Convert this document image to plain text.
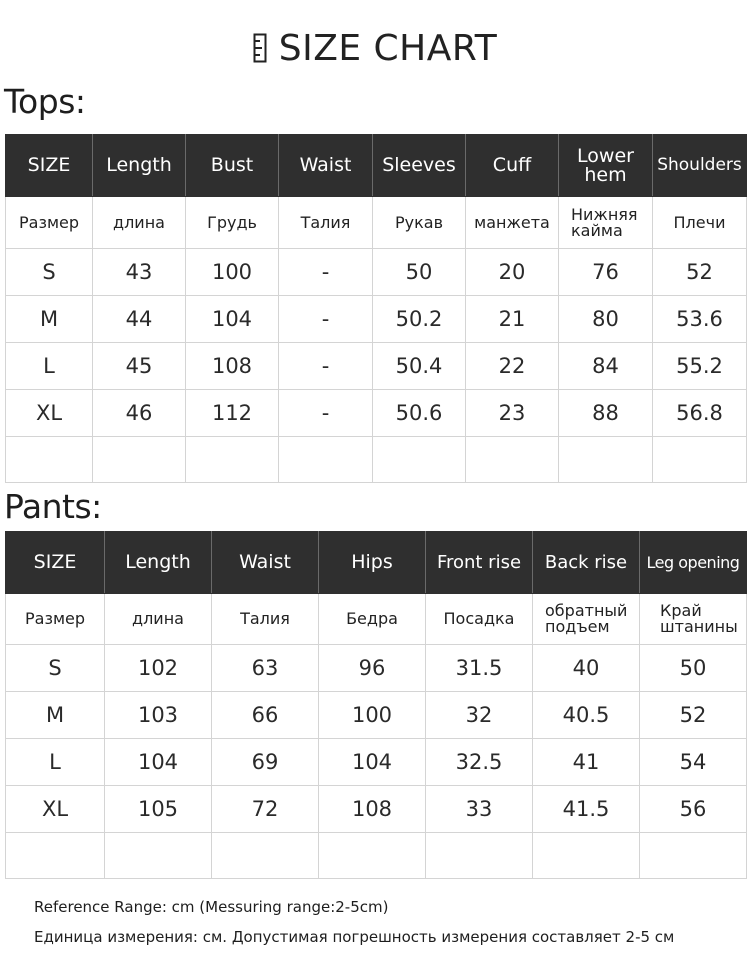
SIZE CHART
Tops:
SIZE	Length	Bust	Waist	Sleeves	Cuff	Lower hem	Shoulders
Размер	длина	Грудь	Талия	Рукав	манжета	Нижняя кайма	Плечи
S	43	100	-	50	20	76	52
M	44	104	-	50.2	21	80	53.6
L	45	108	-	50.4	22	84	55.2
XL	46	112	-	50.6	23	88	56.8

Pants:
SIZE	Length	Waist	Hips	Front rise	Back rise	Leg opening
Размер	длина	Талия	Бедра	Посадка	обратный подъем	Край штанины
S	102	63	96	31.5	40	50
M	103	66	100	32	40.5	52
L	104	69	104	32.5	41	54
XL	105	72	108	33	41.5	56

Reference Range: cm (Messuring range:2-5cm)
Единица измерения: см. Допустимая погрешность измерения составляет 2-5 см
